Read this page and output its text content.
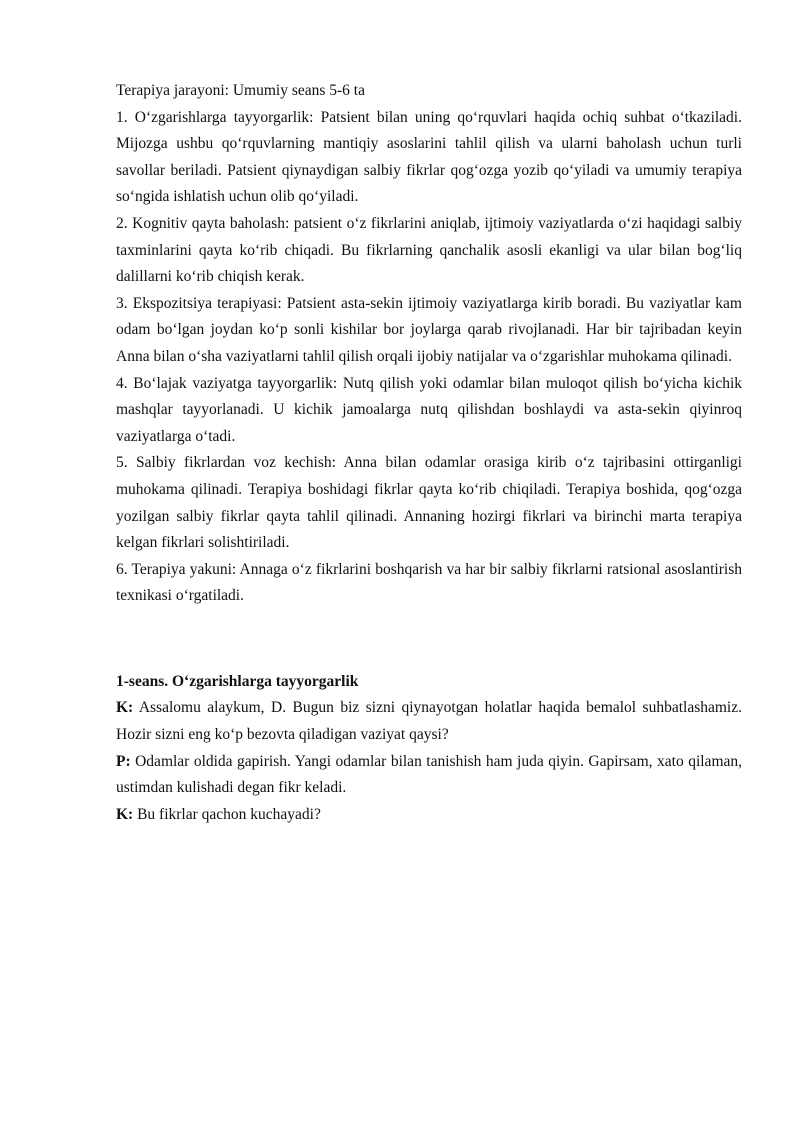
Terapiya jarayoni: Umumiy seans 5-6 ta

1. O‘zgarishlarga tayyorgarlik: Patsient bilan uning qo‘rquvlari haqida ochiq suhbat o‘tkaziladi. Mijozga ushbu qo‘rquvlarning mantiqiy asoslarini tahlil qilish va ularni baholash uchun turli savollar beriladi. Patsient qiynaydigan salbiy fikrlar qog‘ozga yozib qo‘yiladi va umumiy terapiya so‘ngida ishlatish uchun olib qo‘yiladi.

2. Kognitiv qayta baholash: patsient o‘z fikrlarini aniqlab, ijtimoiy vaziyatlarda o‘zi haqidagi salbiy taxminlarini qayta ko‘rib chiqadi. Bu fikrlarning qanchalik asosli ekanligi va ular bilan bog‘liq dalillarni ko‘rib chiqish kerak.

3. Ekspozitsiya terapiyasi: Patsient asta-sekin ijtimoiy vaziyatlarga kirib boradi. Bu vaziyatlar kam odam bo‘lgan joydan ko‘p sonli kishilar bor joylarga qarab rivojlanadi. Har bir tajribadan keyin Anna bilan o‘sha vaziyatlarni tahlil qilish orqali ijobiy natijalar va o‘zgarishlar muhokama qilinadi.

4. Bo‘lajak vaziyatga tayyorgarlik: Nutq qilish yoki odamlar bilan muloqot qilish bo‘yicha kichik mashqlar tayyorlanadi. U kichik jamoalarga nutq qilishdan boshlaydi va asta-sekin qiyinroq vaziyatlarga o‘tadi.

5. Salbiy fikrlardan voz kechish: Anna bilan odamlar orasiga kirib o‘z tajribasini ottirganligi muhokama qilinadi. Terapiya boshidagi fikrlar qayta ko‘rib chiqiladi. Terapiya boshida, qog‘ozga yozilgan salbiy fikrlar qayta tahlil qilinadi. Annaning hozirgi fikrlari va birinchi marta terapiya kelgan fikrlari solishtiriladi.

6. Terapiya yakuni: Annaga o‘z fikrlarini boshqarish va har bir salbiy fikrlarni ratsional asoslantirish texnikasi o‘rgatiladi.

1-seans. O‘zgarishlarga tayyorgarlik

K: Assalomu alaykum, D. Bugun biz sizni qiynayotgan holatlar haqida bemalol suhbatlashamiz. Hozir sizni eng ko‘p bezovta qiladigan vaziyat qaysi?

P: Odamlar oldida gapirish. Yangi odamlar bilan tanishish ham juda qiyin. Gapirsam, xato qilaman, ustimdan kulishadi degan fikr keladi.

K: Bu fikrlar qachon kuchayadi?
